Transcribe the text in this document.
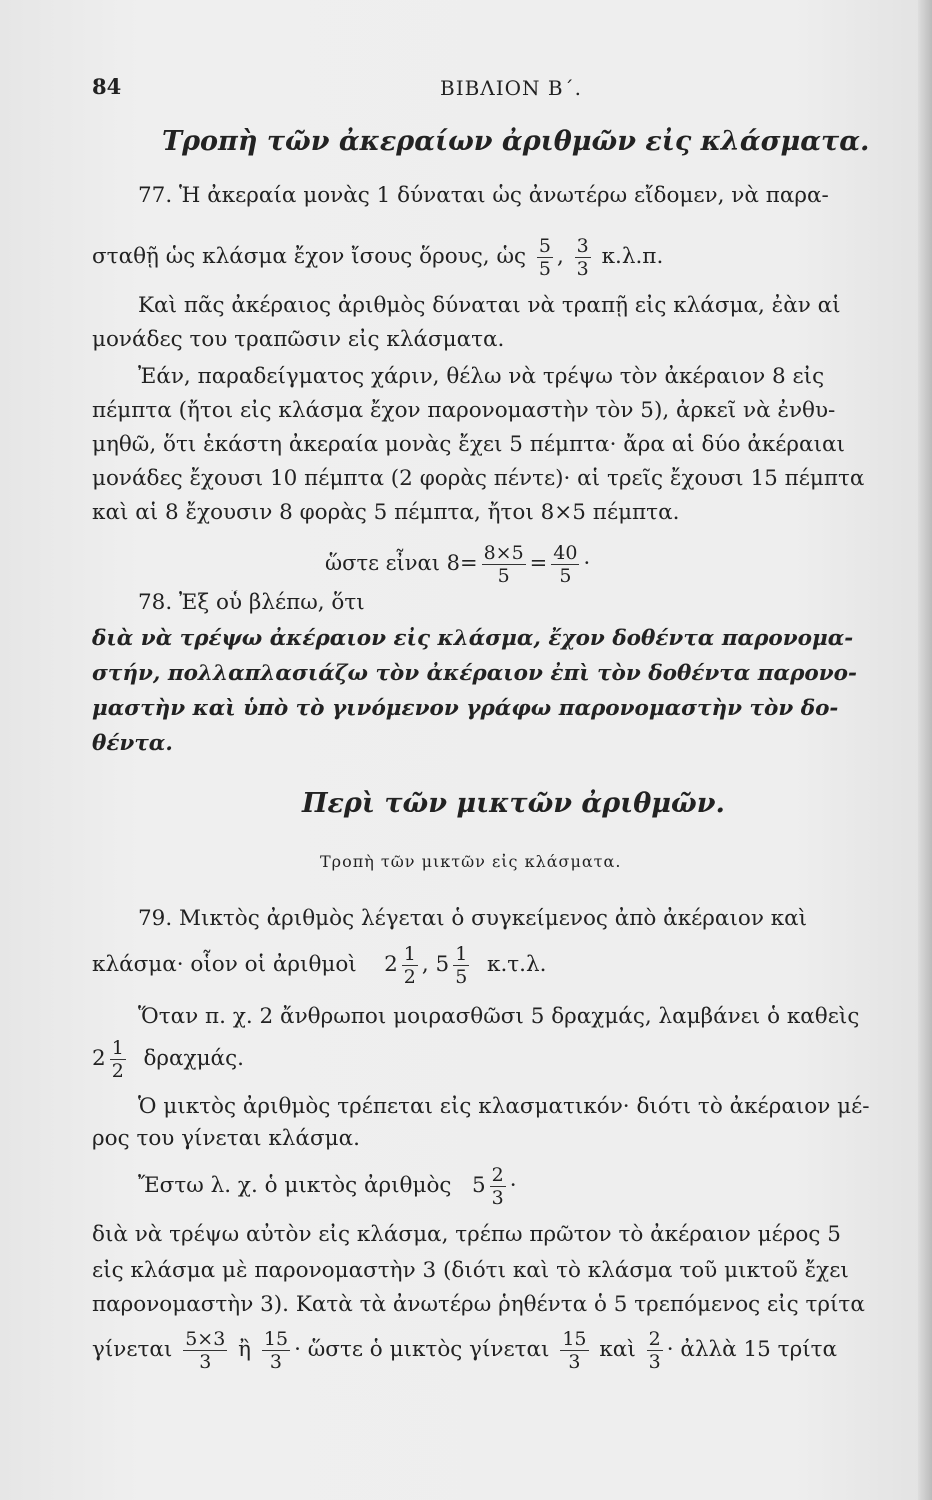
84	ΒΙΒΛΙΟΝ Β΄.
Τροπὴ τῶν ἀκεραίων ἀριθμῶν εἰς κλάσματα.
77. Ἡ ἀκεραία μονὰς 1 δύναται ὡς ἀνωτέρω εἴδομεν, νὰ παρα-
σταθῇ ὡς κλάσμα ἔχον ἴσους ὅρους, ὡς $\frac{5}{5}$ , $\frac{3}{3} \kappa.\lambda.\pi$.
Καὶ πᾶς ἀκέραιος ἀριθμὸς δύναται νὰ τραπῇ εἰς κλάσμα, ἐὰν αἱ
μονάδες του τραπῶσιν εἰς κλάσματα.
Ἐάν, παραδείγματος χάριν, θέλω νὰ τρέψω τὸν ἀκέραιον 8 εἰς
πέμπτα (ἤτοι εἰς κλάσμα ἔχον παρονομαστὴν τὸν 5), ἀρκεῖ νὰ ἐνθυ-
μηθῶ, ὅτι ἑκάστη ἀκεραία μονὰς ἔχει 5 πέμπτα· ἄρα αἱ δύο ἀκέραιαι
μονάδες ἔχουσι 10 πέμπτα (2 φορὰς πέντε)· αἱ τρεῖς ἔχουσι 15 πέμπτα
καὶ αἱ 8 ἔχουσιν 8 φορὰς 5 πέμπτα, ἤτοι 8×5 πέμπτα.
ὥστε εἶναι $8= \frac{8\times 5}{5} = \frac{40}{5}$ ·
78. Ἐξ οὗ βλέπω, ὅτι
διὰ νὰ τρέψω ἀκέραιον εἰς κλάσμα, ἔχον δοθέντα παρονομα-
στήν, πολλαπλασιάζω τὸν ἀκέραιον ἐπὶ τὸν δοθέντα παρονο-
μαστὴν καὶ ὑπὸ τὸ γινόμενον γράφω παρονομαστὴν τὸν δο-
θέντα.
Περὶ τῶν μικτῶν ἀριθμῶν.
Τροπὴ τῶν μικτῶν εἰς κλάσματα.
79. Μικτὸς ἀριθμὸς λέγεται ὁ συγκείμενος ἀπὸ ἀκέραιον καὶ
κλάσμα· οἷον οἱ ἀριθμοὶ $2 \frac{1}{2}$ , $5 \frac{1}{5} \kappa.\tau.\lambda$.
Ὅταν π. χ. 2 ἄνθρωποι μοιρασθῶσι 5 δραχμάς, λαμβάνει ὁ καθεὶς
$2 \frac{1}{2} \delta\rho\alpha\chi\mu ά\varsigma$.
Ὁ μικτὸς ἀριθμὸς τρέπεται εἰς κλασματικόν· διότι τὸ ἀκέραιον μέ-
ρος του γίνεται κλάσμα.
Ἔστω λ. χ. ὁ μικτὸς ἀριθμὸς $5 \frac{2}{3}$ ·
διὰ νὰ τρέψω αὐτὸν εἰς κλάσμα, τρέπω πρῶτον τὸ ἀκέραιον μέρος 5
εἰς κλάσμα μὲ παρονομαστὴν 3 (διότι καὶ τὸ κλάσμα τοῦ μικτοῦ ἔχει
παρονομαστὴν 3). Κατὰ τὰ ἀνωτέρω ῥηθέντα ὁ 5 τρεπόμενος εἰς τρίτα
γίνεται $\frac{5\times 3}{3}$ ἢ $\frac{15}{3}$ · ὥστε ὁ μικτὸς γίνεται $\frac{15}{3}$ καὶ $\frac{2}{3}$ · ἀλλὰ 15 τρίτα
